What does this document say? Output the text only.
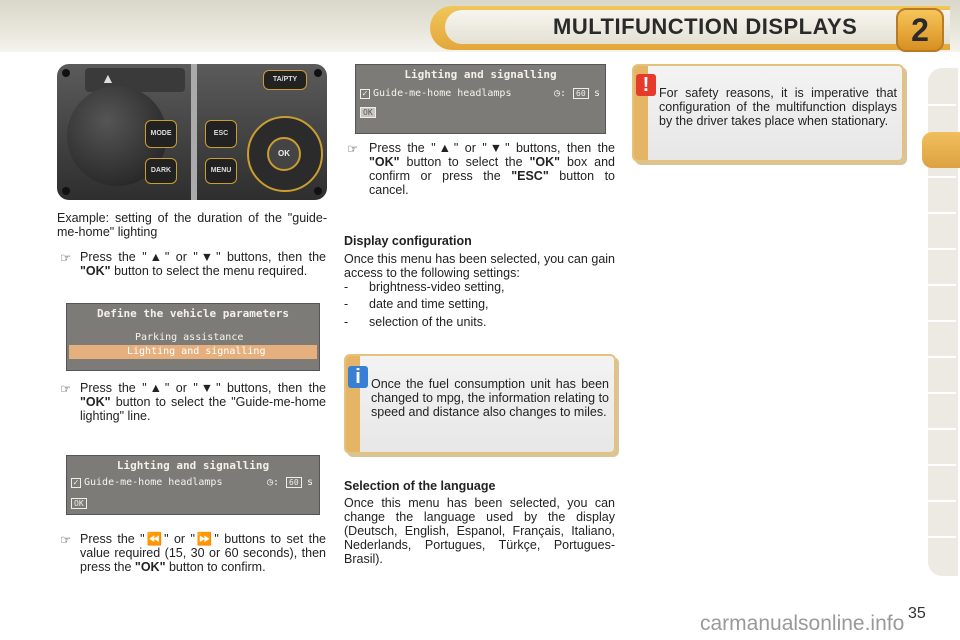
MULTIFUNCTION DISPLAYS	2
▲	TA/PTY
MODE
DARK
ESC
MENU
OK
Example: setting of the duration of the "guide-me-home" lighting
☞ Press the "▲" or "▼" buttons, then the "OK" button to select the menu required.
Define the vehicle parameters
Parking assistance
Lighting and signalling
☞ Press the "▲" or "▼" buttons, then the "OK" button to select the "Guide-me-home lighting" line.
Lighting and signalling
✓ Guide-me-home headlamps	◷:	60 s
OK
☞ Press the "⏪" or "⏩" buttons to set the value required (15, 30 or 60 seconds), then press the "OK" button to confirm.
Lighting and signalling
✓ Guide-me-home headlamps	◷:	60 s
OK
☞ Press the "▲" or "▼" buttons, then the "OK" button to select the "OK" box and confirm or press the "ESC" button to cancel.
Display configuration
Once this menu has been selected, you can gain access to the following settings:
- brightness-video setting,
- date and time setting,
- selection of the units.
i Once the fuel consumption unit has been changed to mpg, the information relating to speed and distance also changes to miles.
Selection of the language
Once this menu has been selected, you can change the language used by the display (Deutsch, English, Espanol, Français, Italiano, Nederlands, Portugues, Türkçe, Portugues-Brasil).
! For safety reasons, it is imperative that configuration of the multifunction displays by the driver takes place when stationary.
35
carmanualsonline.info
